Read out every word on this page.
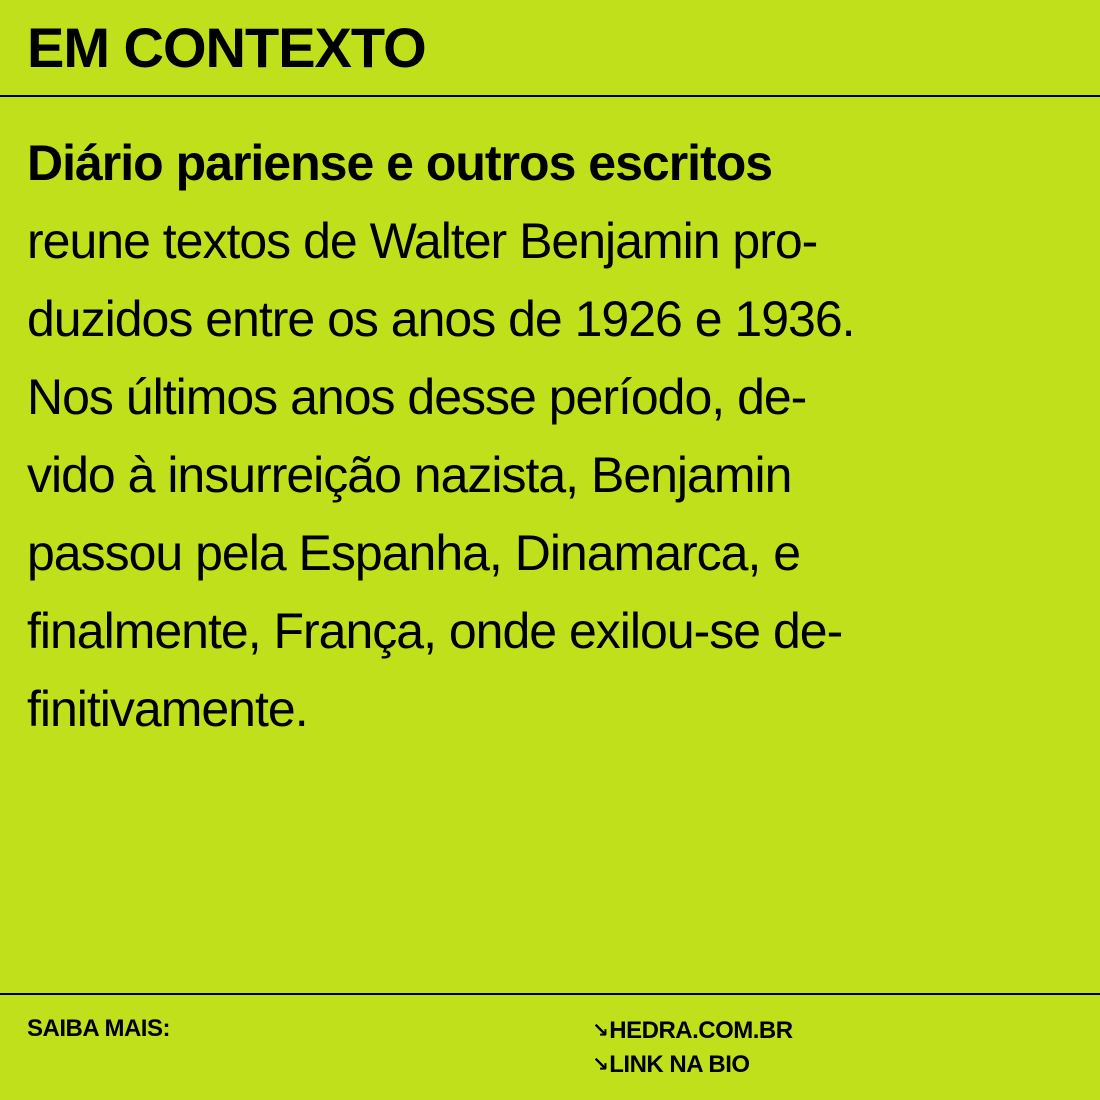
EM CONTEXTO

Diário pariense e outros escritos
reune textos de Walter Benjamin pro-
duzidos entre os anos de 1926 e 1936.
Nos últimos anos desse período, de-
vido à insurreição nazista, Benjamin
passou pela Espanha, Dinamarca, e
finalmente, França, onde exilou-se de-
finitivamente.

SAIBA MAIS:	↘HEDRA.COM.BR
↘LINK NA BIO
